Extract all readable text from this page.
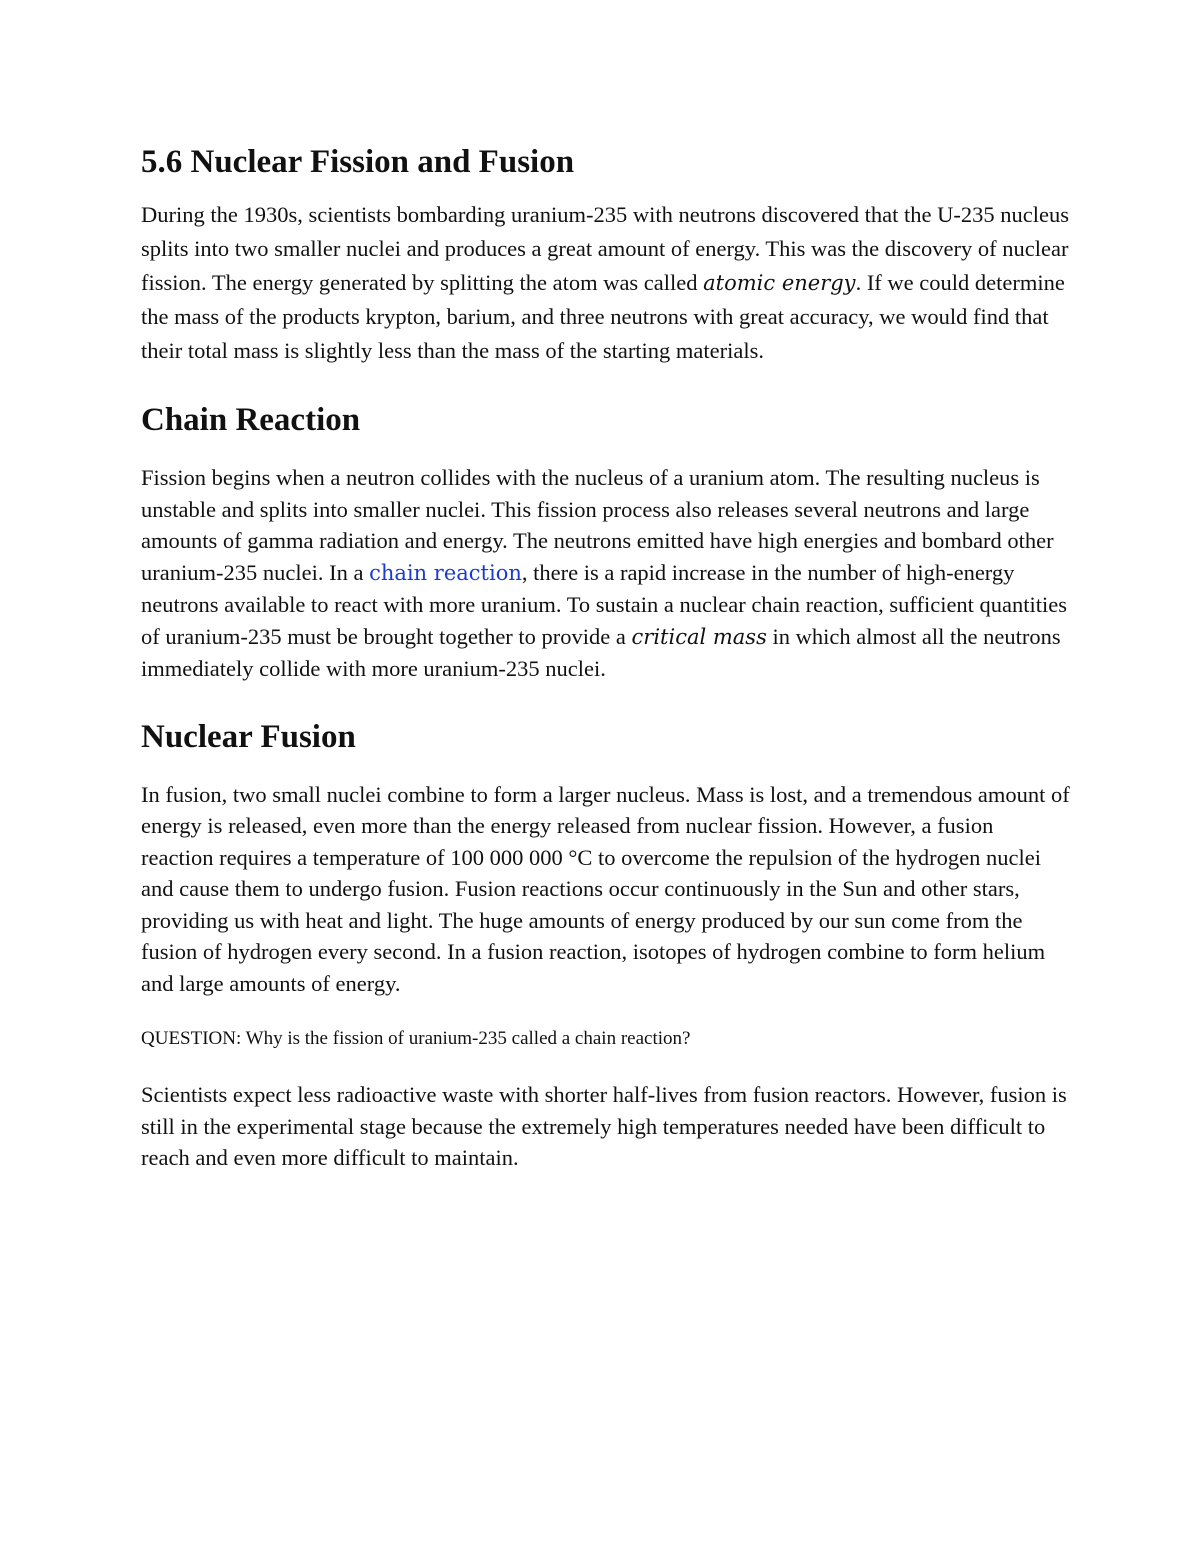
5.6 Nuclear Fission and Fusion

During the 1930s, scientists bombarding uranium-235 with neutrons discovered that the U-235 nucleus splits into two smaller nuclei and produces a great amount of energy. This was the discovery of nuclear fission. The energy generated by splitting the atom was called atomic energy. If we could determine the mass of the products krypton, barium, and three neutrons with great accuracy, we would find that their total mass is slightly less than the mass of the starting materials.

Chain Reaction

Fission begins when a neutron collides with the nucleus of a uranium atom. The resulting nucleus is unstable and splits into smaller nuclei. This fission process also releases several neutrons and large amounts of gamma radiation and energy. The neutrons emitted have high energies and bombard other uranium-235 nuclei. In a chain reaction, there is a rapid increase in the number of high-energy neutrons available to react with more uranium. To sustain a nuclear chain reaction, sufficient quantities of uranium-235 must be brought together to provide a critical mass in which almost all the neutrons immediately collide with more uranium-235 nuclei.

Nuclear Fusion

In fusion, two small nuclei combine to form a larger nucleus. Mass is lost, and a tremendous amount of energy is released, even more than the energy released from nuclear fission. However, a fusion reaction requires a temperature of 100 000 000 °C to overcome the repulsion of the hydrogen nuclei and cause them to undergo fusion. Fusion reactions occur continuously in the Sun and other stars, providing us with heat and light. The huge amounts of energy produced by our sun come from the fusion of hydrogen every second. In a fusion reaction, isotopes of hydrogen combine to form helium and large amounts of energy.

QUESTION: Why is the fission of uranium-235 called a chain reaction?

Scientists expect less radioactive waste with shorter half-lives from fusion reactors. However, fusion is still in the experimental stage because the extremely high temperatures needed have been difficult to reach and even more difficult to maintain.
